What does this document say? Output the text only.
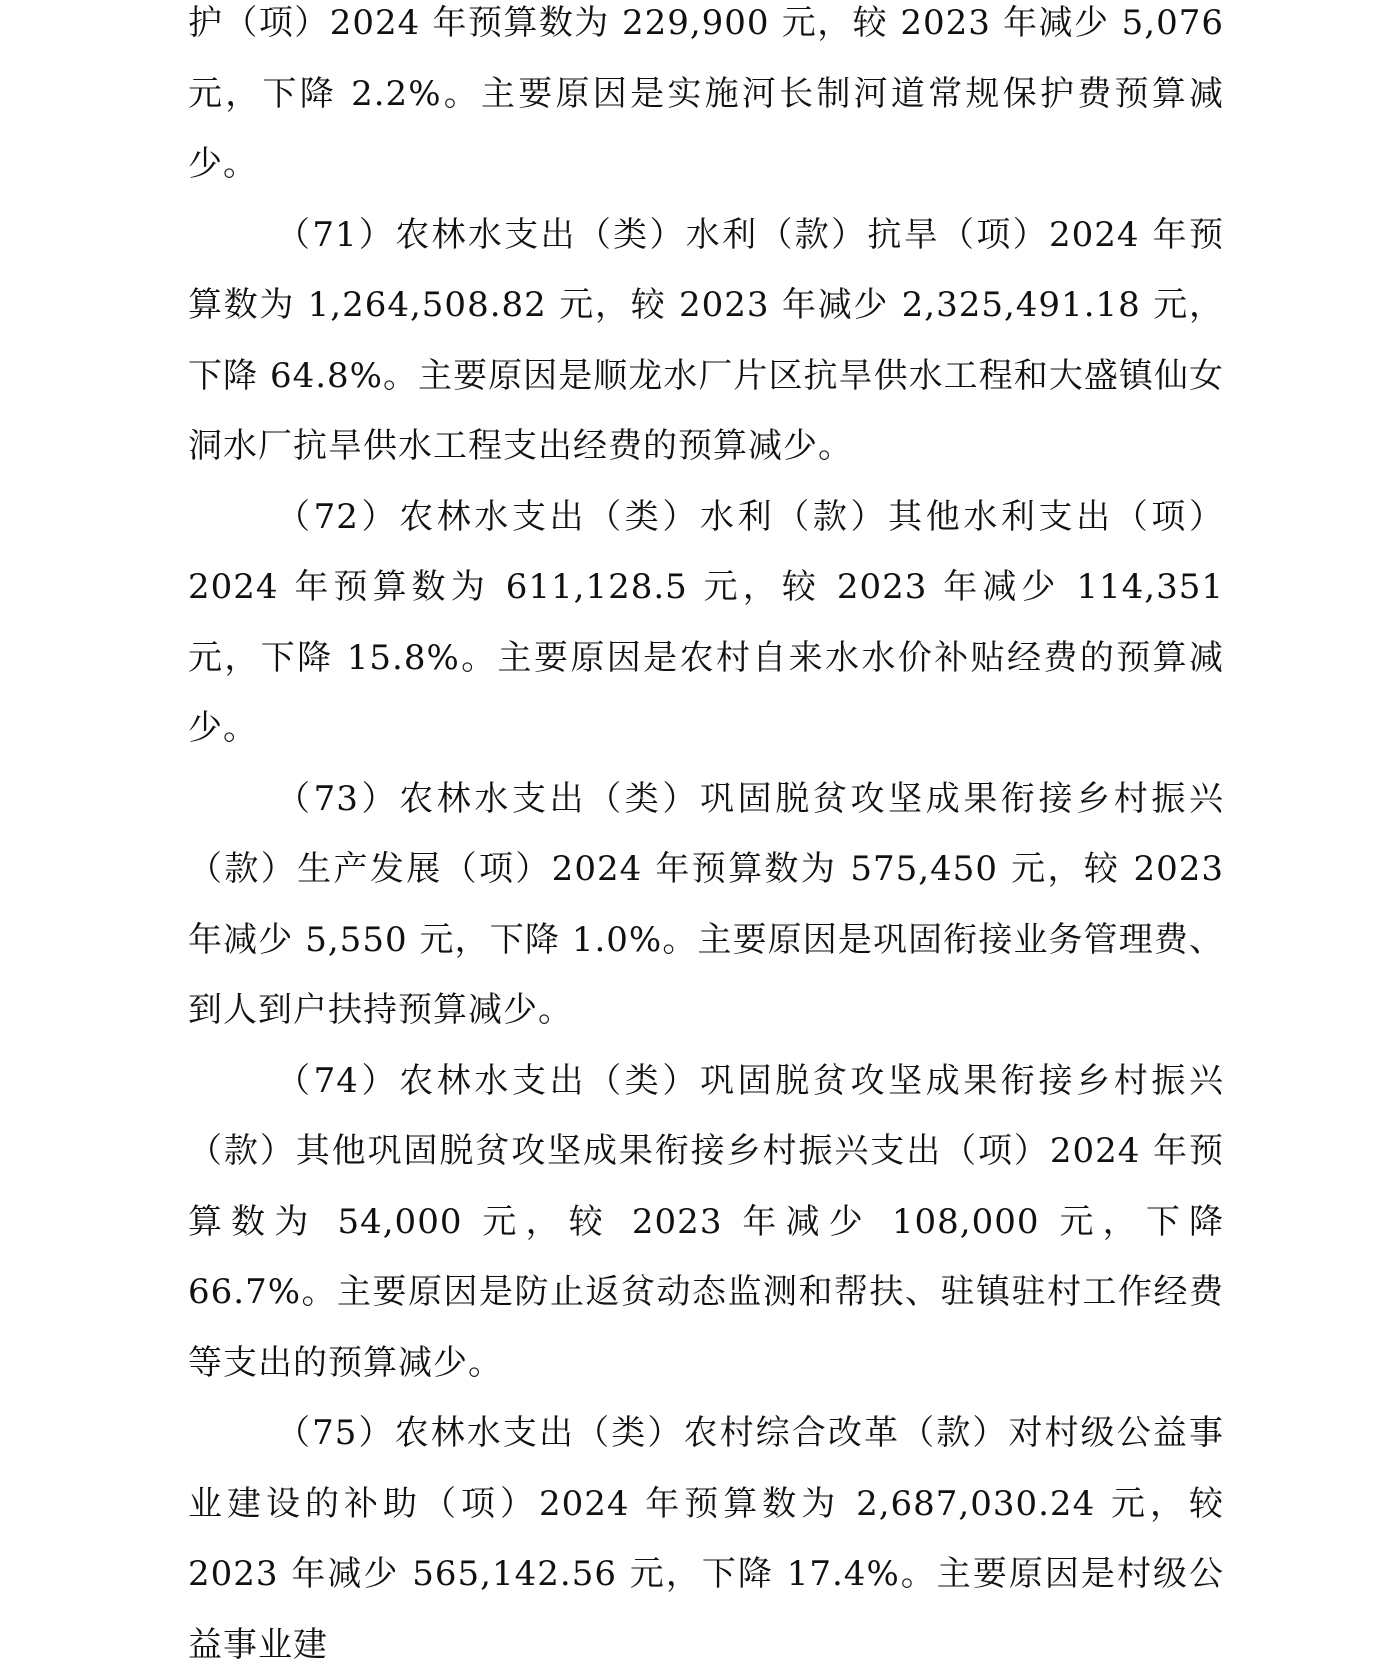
护（项）2024 年预算数为 229,900 元，较 2023 年减少 5,076 元，下降 2.2%。主要原因是实施河长制河道常规保护费预算减少。

（71）农林水支出（类）水利（款）抗旱（项）2024 年预算数为 1,264,508.82 元，较 2023 年减少 2,325,491.18 元，下降 64.8%。主要原因是顺龙水厂片区抗旱供水工程和大盛镇仙女洞水厂抗旱供水工程支出经费的预算减少。

（72）农林水支出（类）水利（款）其他水利支出（项）2024 年预算数为 611,128.5 元，较 2023 年减少 114,351 元，下降 15.8%。主要原因是农村自来水水价补贴经费的预算减少。

（73）农林水支出（类）巩固脱贫攻坚成果衔接乡村振兴（款）生产发展（项）2024 年预算数为 575,450 元，较 2023 年减少 5,550 元，下降 1.0%。主要原因是巩固衔接业务管理费、到人到户扶持预算减少。

（74）农林水支出（类）巩固脱贫攻坚成果衔接乡村振兴（款）其他巩固脱贫攻坚成果衔接乡村振兴支出（项）2024 年预算数为 54,000 元，较 2023 年减少 108,000 元，下降 66.7%。主要原因是防止返贫动态监测和帮扶、驻镇驻村工作经费等支出的预算减少。

（75）农林水支出（类）农村综合改革（款）对村级公益事业建设的补助（项）2024 年预算数为 2,687,030.24 元，较 2023 年减少 565,142.56 元，下降 17.4%。主要原因是村级公益事业建
